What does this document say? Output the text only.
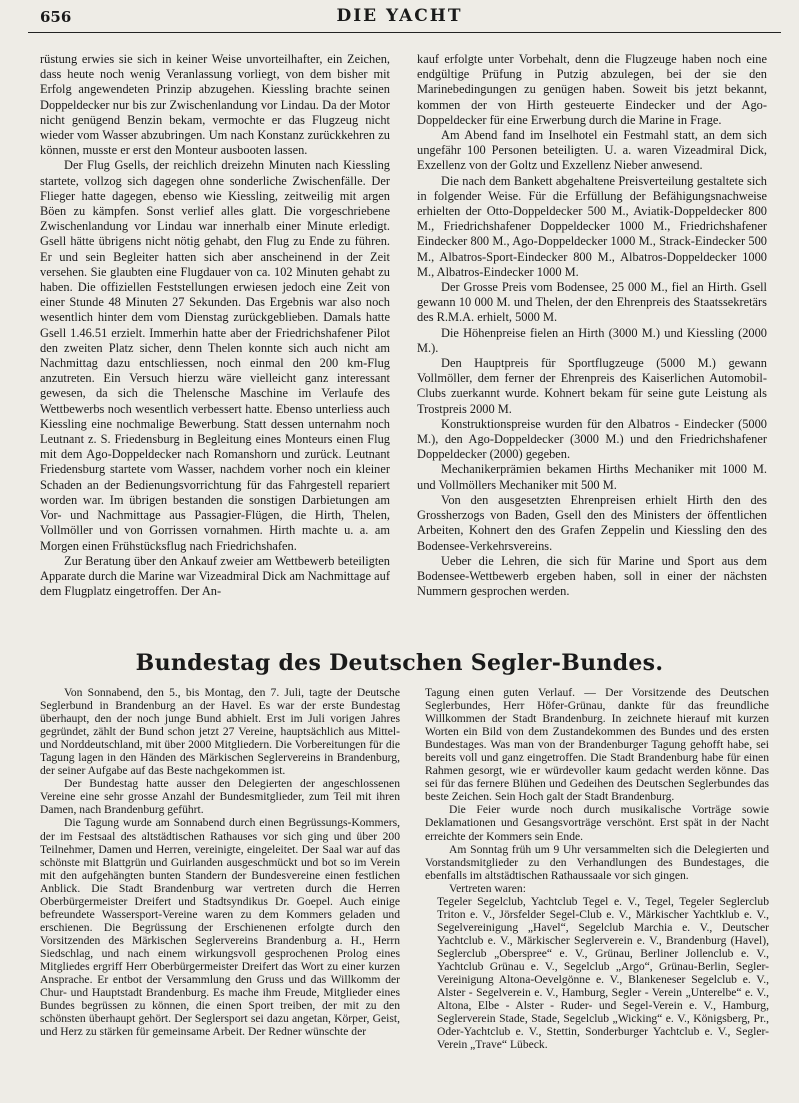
656	DIE YACHT

rüstung erwies sie sich in keiner Weise unvorteilhafter, ein Zeichen, dass heute noch wenig Veranlassung vorliegt, von dem bisher mit Erfolg angewendeten Prinzip abzugehen. Kiessling brachte seinen Doppeldecker nur bis zur Zwischenlandung vor Lindau. Da der Motor nicht genügend Benzin bekam, vermochte er das Flugzeug nicht wieder vom Wasser abzubringen. Um nach Konstanz zurückkehren zu können, musste er erst den Monteur ausbooten lassen.

Der Flug Gsells, der reichlich dreizehn Minuten nach Kiessling startete, vollzog sich dagegen ohne sonderliche Zwischenfälle. Der Flieger hatte dagegen, ebenso wie Kiessling, zeitweilig mit argen Böen zu kämpfen. Sonst verlief alles glatt. Die vorgeschriebene Zwischenlandung vor Lindau war innerhalb einer Minute erledigt. Gsell hätte übrigens nicht nötig gehabt, den Flug zu Ende zu führen. Er und sein Begleiter hatten sich aber anscheinend in der Zeit versehen. Sie glaubten eine Flugdauer von ca. 102 Minuten gehabt zu haben. Die offiziellen Feststellungen erwiesen jedoch eine Zeit von einer Stunde 48 Minuten 27 Sekunden. Das Ergebnis war also noch wesentlich hinter dem vom Dienstag zurückgeblieben. Damals hatte Gsell 1.46.51 erzielt. Immerhin hatte aber der Friedrichshafener Pilot den zweiten Platz sicher, denn Thelen konnte sich auch nicht am Nachmittag dazu entschliessen, noch einmal den 200 km-Flug anzutreten. Ein Versuch hierzu wäre vielleicht ganz interessant gewesen, da sich die Thelensche Maschine im Verlaufe des Wettbewerbs noch wesentlich verbessert hatte. Ebenso unterliess auch Kiessling eine nochmalige Bewerbung. Statt dessen unternahm noch Leutnant z. S. Friedensburg in Begleitung eines Monteurs einen Flug mit dem Ago-Doppeldecker nach Romanshorn und zurück. Leutnant Friedensburg startete vom Wasser, nachdem vorher noch ein kleiner Schaden an der Bedienungsvorrichtung für das Fahrgestell repariert worden war. Im übrigen bestanden die sonstigen Darbietungen am Vor- und Nachmittage aus Passagier-Flügen, die Hirth, Thelen, Vollmöller und von Gorrissen vornahmen. Hirth machte u. a. am Morgen einen Frühstücksflug nach Friedrichshafen.

Zur Beratung über den Ankauf zweier am Wettbewerb beteiligten Apparate durch die Marine war Vizeadmiral Dick am Nachmittage auf dem Flugplatz eingetroffen. Der An-

kauf erfolgte unter Vorbehalt, denn die Flugzeuge haben noch eine endgültige Prüfung in Putzig abzulegen, bei der sie den Marinebedingungen zu genügen haben. Soweit bis jetzt bekannt, kommen der von Hirth gesteuerte Eindecker und der Ago-Doppeldecker für eine Erwerbung durch die Marine in Frage.

Am Abend fand im Inselhotel ein Festmahl statt, an dem sich ungefähr 100 Personen beteiligten. U. a. waren Vizeadmiral Dick, Exzellenz von der Goltz und Exzellenz Nieber anwesend.

Die nach dem Bankett abgehaltene Preisverteilung gestaltete sich in folgender Weise. Für die Erfüllung der Befähigungsnachweise erhielten der Otto-Doppeldecker 500 M., Aviatik-Doppeldecker 800 M., Friedrichshafener Doppeldecker 1000 M., Friedrichshafener Eindecker 800 M., Ago-Doppeldecker 1000 M., Strack-Eindecker 500 M., Albatros-Sport-Eindecker 800 M., Albatros-Doppeldecker 1000 M., Albatros-Eindecker 1000 M.

Der Grosse Preis vom Bodensee, 25 000 M., fiel an Hirth. Gsell gewann 10 000 M. und Thelen, der den Ehrenpreis des Staatssekretärs des R.M.A. erhielt, 5000 M.

Die Höhenpreise fielen an Hirth (3000 M.) und Kiessling (2000 M.).

Den Hauptpreis für Sportflugzeuge (5000 M.) gewann Vollmöller, dem ferner der Ehrenpreis des Kaiserlichen Automobil-Clubs zuerkannt wurde. Kohnert bekam für seine gute Leistung als Trostpreis 2000 M.

Konstruktionspreise wurden für den Albatros - Eindecker (5000 M.), den Ago-Doppeldecker (3000 M.) und den Friedrichshafener Doppeldecker (2000) gegeben.

Mechanikerprämien bekamen Hirths Mechaniker mit 1000 M. und Vollmöllers Mechaniker mit 500 M.

Von den ausgesetzten Ehrenpreisen erhielt Hirth den des Grossherzogs von Baden, Gsell den des Ministers der öffentlichen Arbeiten, Kohnert den des Grafen Zeppelin und Kiessling den des Bodensee-Verkehrsvereins.

Ueber die Lehren, die sich für Marine und Sport aus dem Bodensee-Wettbewerb ergeben haben, soll in einer der nächsten Nummern gesprochen werden.

Bundestag des Deutschen Segler-Bundes.

Von Sonnabend, den 5., bis Montag, den 7. Juli, tagte der Deutsche Seglerbund in Brandenburg an der Havel. Es war der erste Bundestag überhaupt, den der noch junge Bund abhielt. Erst im Juli vorigen Jahres gegründet, zählt der Bund schon jetzt 27 Vereine, hauptsächlich aus Mittel- und Norddeutschland, mit über 2000 Mitgliedern. Die Vorbereitungen für die Tagung lagen in den Händen des Märkischen Seglervereins in Brandenburg, der seiner Aufgabe auf das Beste nachgekommen ist.

Der Bundestag hatte ausser den Delegierten der angeschlossenen Vereine eine sehr grosse Anzahl der Bundesmitglieder, zum Teil mit ihren Damen, nach Brandenburg geführt.

Die Tagung wurde am Sonnabend durch einen Begrüssungs-Kommers, der im Festsaal des altstädtischen Rathauses vor sich ging und über 200 Teilnehmer, Damen und Herren, vereinigte, eingeleitet. Der Saal war auf das schönste mit Blattgrün und Guirlanden ausgeschmückt und bot so im Verein mit den aufgehängten bunten Standern der Bundesvereine einen festlichen Anblick. Die Stadt Brandenburg war vertreten durch die Herren Oberbürgermeister Dreifert und Stadtsyndikus Dr. Goepel. Auch einige befreundete Wassersport-Vereine waren zu dem Kommers geladen und erschienen. Die Begrüssung der Erschienenen erfolgte durch den Vorsitzenden des Märkischen Seglervereins Brandenburg a. H., Herrn Siedschlag, und nach einem wirkungsvoll gesprochenen Prolog eines Mitgliedes ergriff Herr Oberbürgermeister Dreifert das Wort zu einer kurzen Ansprache. Er entbot der Versammlung den Gruss und das Willkomm der Chur- und Hauptstadt Brandenburg. Es mache ihm Freude, Mitglieder eines Bundes begrüssen zu können, die einen Sport treiben, der mit zu den schönsten überhaupt gehört. Der Seglersport sei dazu angetan, Körper, Geist, und Herz zu stärken für gemeinsame Arbeit. Der Redner wünschte der

Tagung einen guten Verlauf. — Der Vorsitzende des Deutschen Seglerbundes, Herr Höfer-Grünau, dankte für das freundliche Willkommen der Stadt Brandenburg. In zeichnete hierauf mit kurzen Worten ein Bild von dem Zustandekommen des Bundes und des ersten Bundestages. Was man von der Brandenburger Tagung gehofft habe, sei bereits voll und ganz eingetroffen. Die Stadt Brandenburg habe für einen Rahmen gesorgt, wie er würdevoller kaum gedacht werden könne. Das sei für das fernere Blühen und Gedeihen des Deutschen Seglerbundes das beste Zeichen. Sein Hoch galt der Stadt Brandenburg.

Die Feier wurde noch durch musikalische Vorträge sowie Deklamationen und Gesangsvorträge verschönt. Erst spät in der Nacht erreichte der Kommers sein Ende.

Am Sonntag früh um 9 Uhr versammelten sich die Delegierten und Vorstandsmitglieder zu den Verhandlungen des Bundestages, die ebenfalls im altstädtischen Rathaussaale vor sich gingen.

Vertreten waren:

Tegeler Segelclub, Yachtclub Tegel e. V., Tegel, Tegeler Seglerclub Triton e. V., Jörsfelder Segel-Club e. V., Märkischer Yachtklub e. V., Segelvereinigung „Havel“, Segelclub Marchia e. V., Deutscher Yachtclub e. V., Märkischer Seglerverein e. V., Brandenburg (Havel), Seglerclub „Oberspree“ e. V., Grünau, Berliner Jollenclub e. V., Yachtclub Grünau e. V., Segelclub „Argo“, Grünau-Berlin, Segler-Vereinigung Altona-Oevelgönne e. V., Blankeneser Segelclub e. V., Alster - Segelverein e. V., Hamburg, Segler - Verein „Unterelbe“ e. V., Altona, Elbe - Alster - Ruder- und Segel-Verein e. V., Hamburg, Seglerverein Stade, Stade, Segelclub „Wicking“ e. V., Königsberg, Pr., Oder-Yachtclub e. V., Stettin, Sonderburger Yachtclub e. V., Segler-Verein „Trave“ Lübeck.
